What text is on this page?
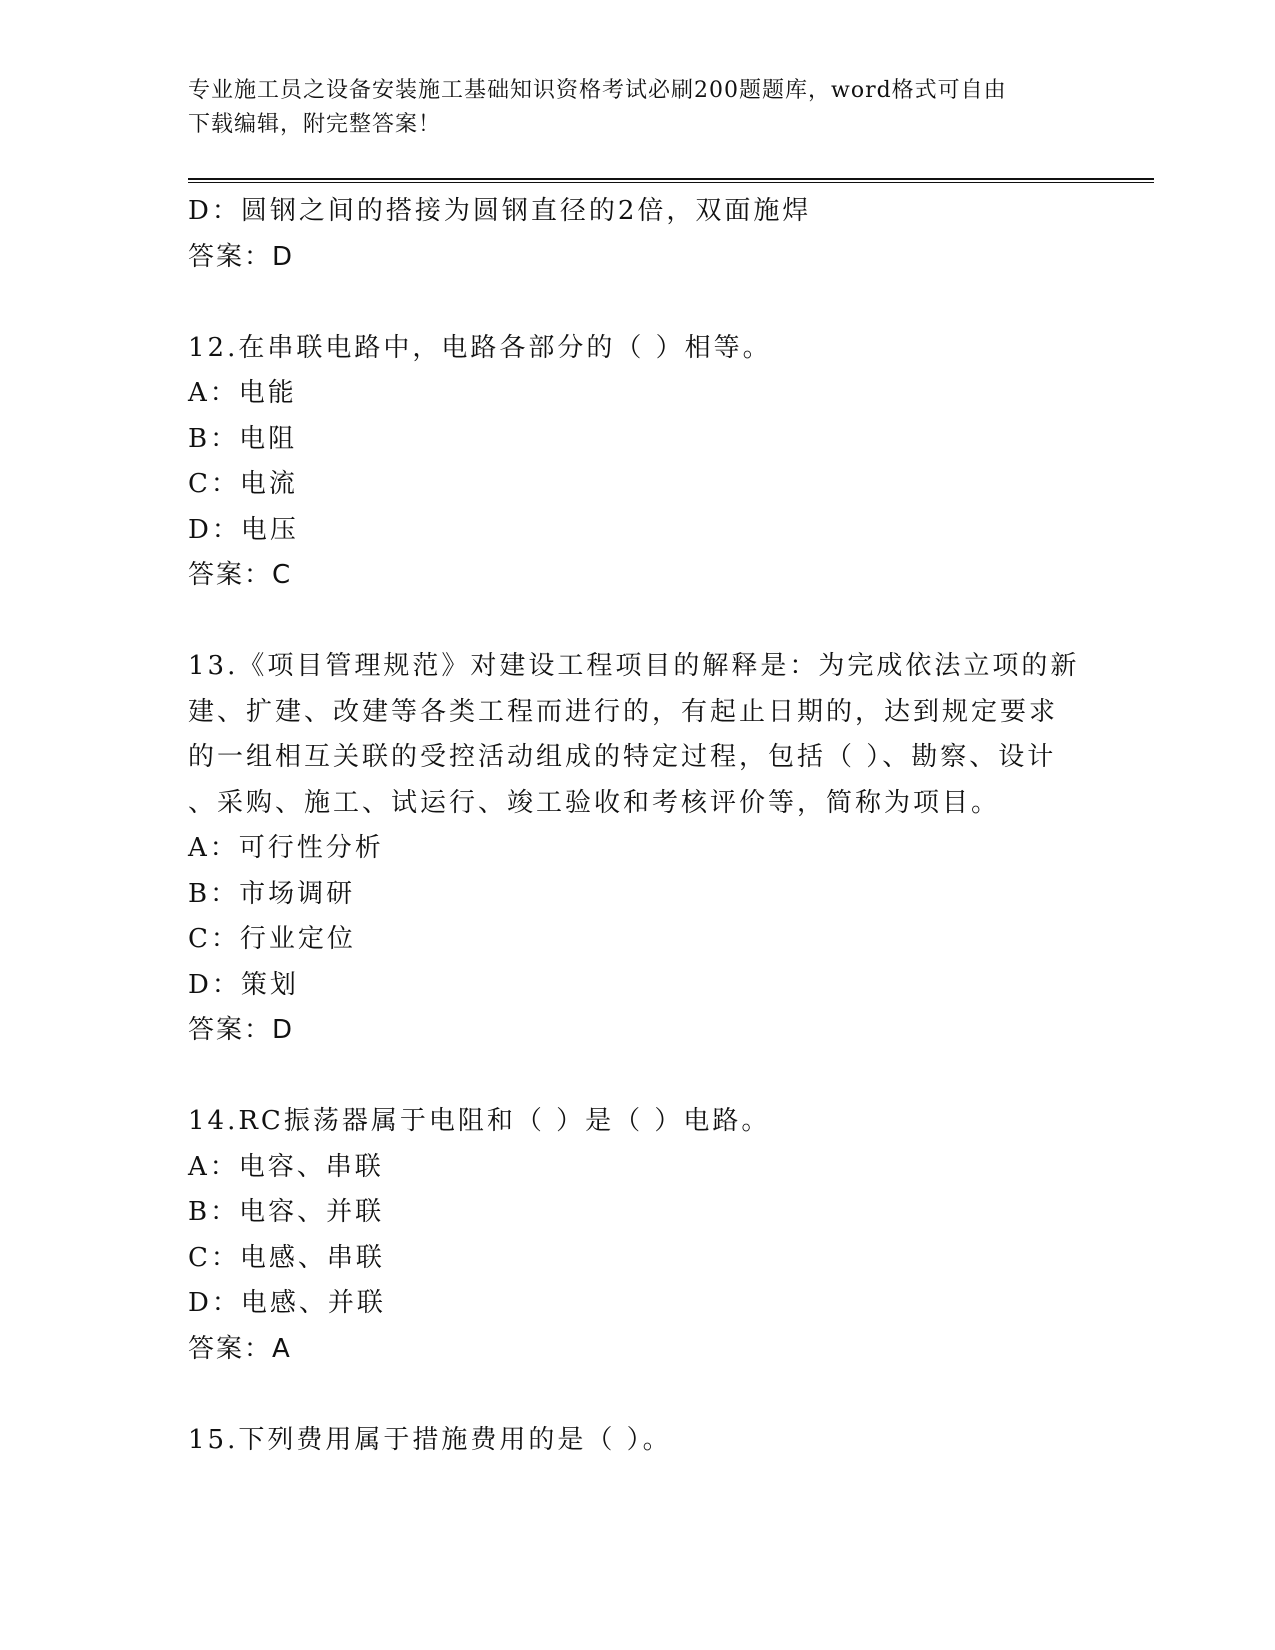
专业施工员之设备安装施工基础知识资格考试必刷200题题库，word格式可自由
下载编辑，附完整答案！
D：圆钢之间的搭接为圆钢直径的2倍，双面施焊
答案：D
12.在串联电路中，电路各部分的（ ）相等。
A：电能
B：电阻
C：电流
D：电压
答案：C
13.《项目管理规范》对建设工程项目的解释是：为完成依法立项的新
建、扩建、改建等各类工程而进行的，有起止日期的，达到规定要求
的一组相互关联的受控活动组成的特定过程，包括（ ）、勘察、设计
、采购、施工、试运行、竣工验收和考核评价等，简称为项目。
A：可行性分析
B：市场调研
C：行业定位
D：策划
答案：D
14.RC振荡器属于电阻和（ ）是（ ）电路。
A：电容、串联
B：电容、并联
C：电感、串联
D：电感、并联
答案：A
15.下列费用属于措施费用的是（ ）。
